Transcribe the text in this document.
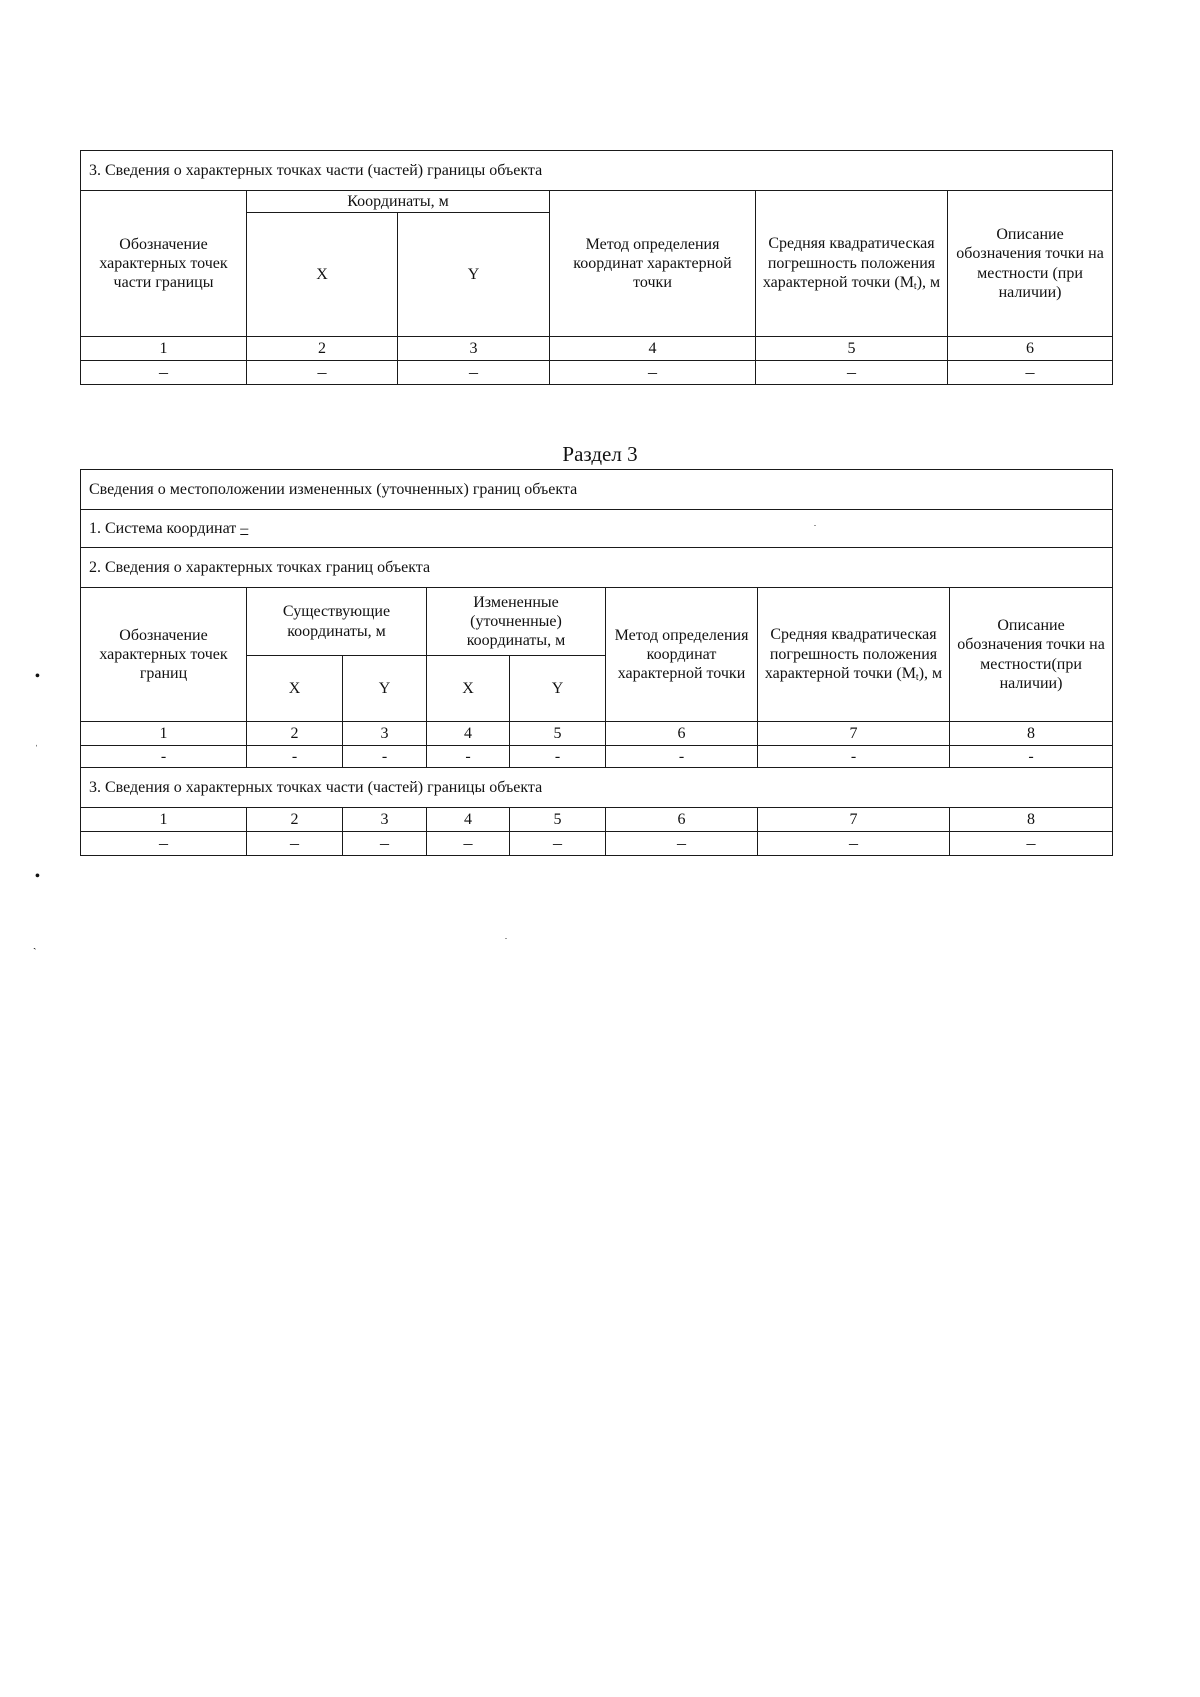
3. Сведения о характерных точках части (частей) границы объекта					
Обозначение характерных точек части границы	Координаты, м		Метод определения координат характерной точки	Средняя квадратическая погрешность положения характерной точки $(M_t)$, м	Описание обозначения точки на местности (при наличии)
	X	Y			
1	2	3	4	5	6
–	–	–	–	–	–
Раздел 3
Сведения о местоположении измененных (уточненных) границ объекта							
1. Система координат –							
2. Сведения о характерных точках границ объекта							
Обозначение характерных точек границ	Существующие координаты, м		Измененные (уточненные) координаты, м		Метод определения координат характерной точки	Средняя квадратическая погрешность положения характерной точки $(M_t)$, м	Описание обозначения точки на местности(при наличии)
	X	Y	X	Y			
1	2	3	4	5	6	7	8
-	-	-	-	-	-	-	-
3. Сведения о характерных точках части (частей) границы объекта							
1	2	3	4	5	6	7	8
–	–	–	–	–	–	–	–
•
ˌ
•
ˎ
